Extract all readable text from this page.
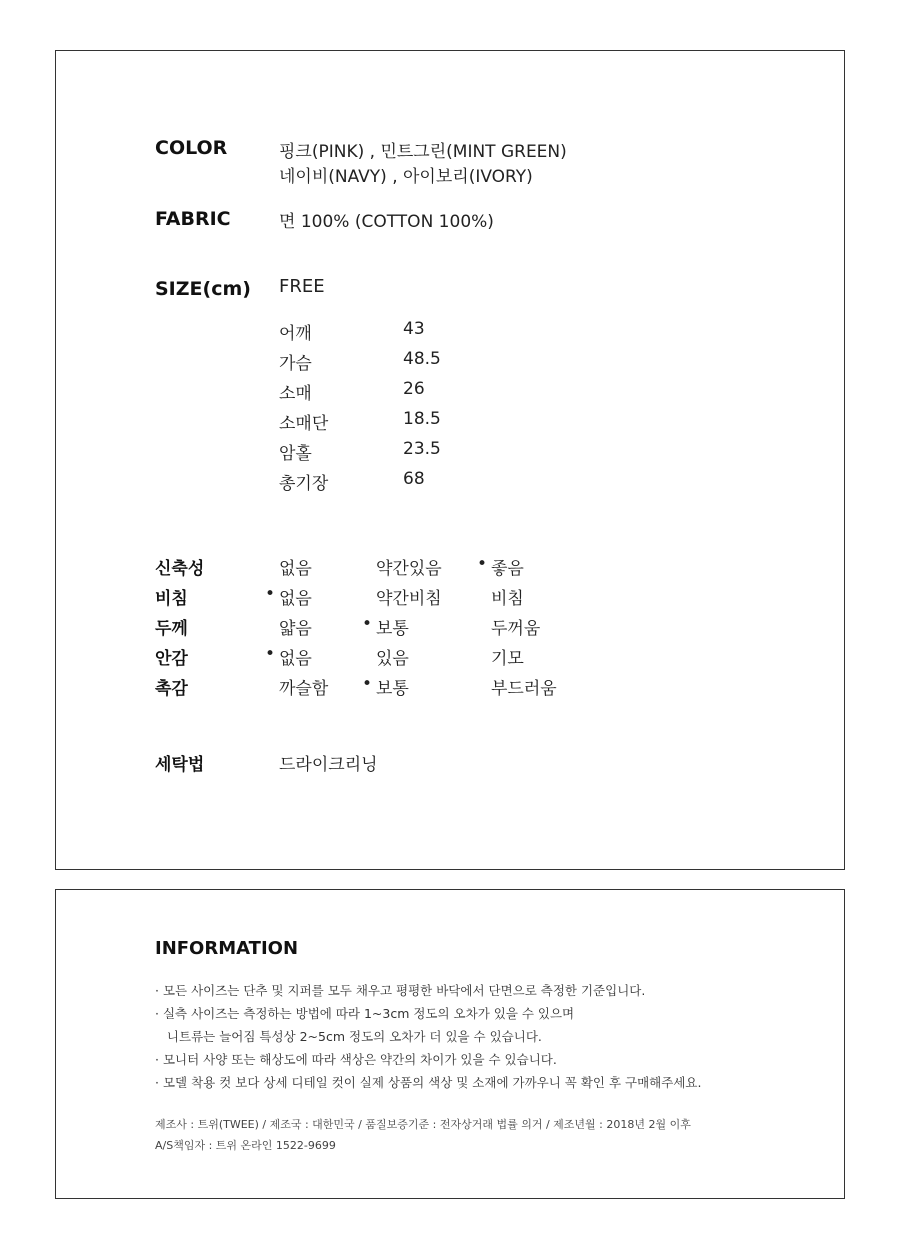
COLOR	핑크(PINK) , 민트그린(MINT GREEN)
네이비(NAVY) , 아이보리(IVORY)
FABRIC	면 100% (COTTON 100%)
SIZE(cm) FREE
어깨	43
가슴	48.5
소매	26
소매단	18.5
암홀	23.5
총기장	68
신축성	없음	약간있음 • 좋음
비침	• 없음	약간비침	비침
두께	얇음	• 보통	두꺼움
안감	• 없음	있음	기모
촉감	까슬함 • 보통	부드러움
세탁법	드라이크리닝
INFORMATION
· 모든 사이즈는 단추 및 지퍼를 모두 채우고 평평한 바닥에서 단면으로 측정한 기준입니다.
· 실측 사이즈는 측정하는 방법에 따라 1~3cm 정도의 오차가 있을 수 있으며
니트류는 늘어짐 특성상 2~5cm 정도의 오차가 더 있을 수 있습니다.
· 모니터 사양 또는 해상도에 따라 색상은 약간의 차이가 있을 수 있습니다.
· 모델 착용 컷 보다 상세 디테일 컷이 실제 상품의 색상 및 소재에 가까우니 꼭 확인 후 구매해주세요.
제조사 : 트위(TWEE) / 제조국 : 대한민국 / 품질보증기준 : 전자상거래 법률 의거 / 제조년월 : 2018년 2월 이후
A/S책임자 : 트위 온라인 1522-9699
